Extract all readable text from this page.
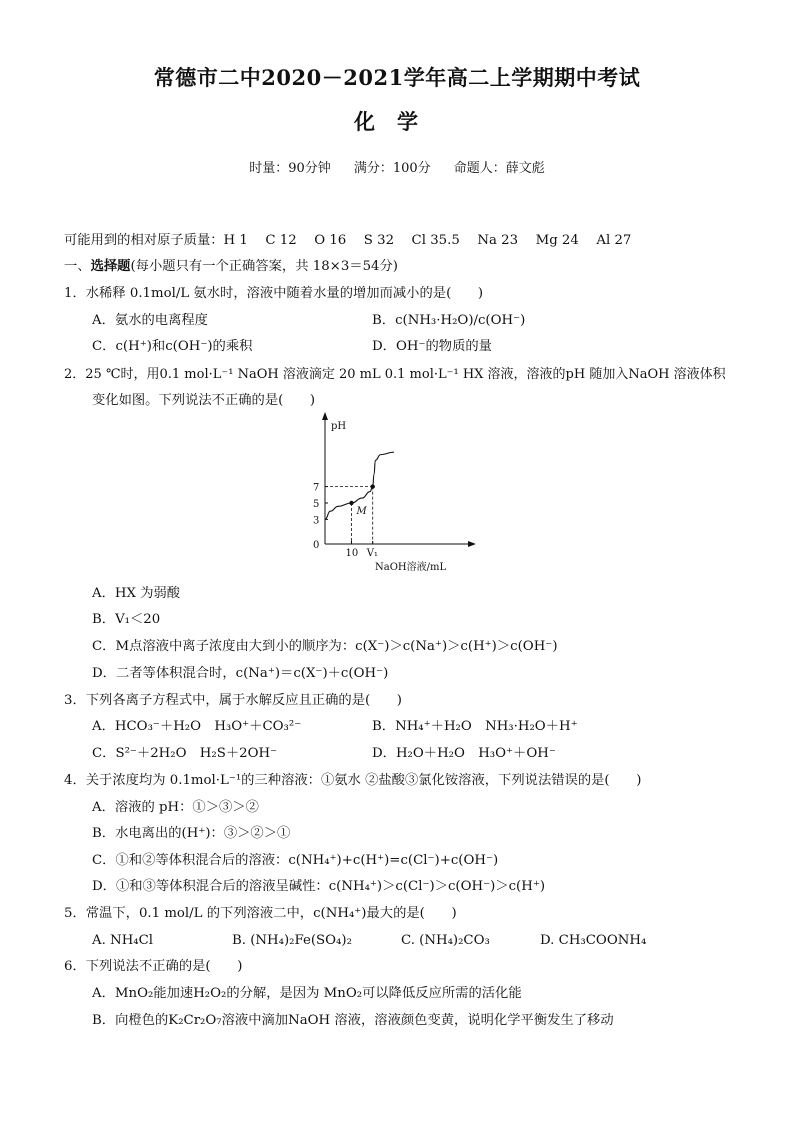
常德市二中2020－2021学年高二上学期期中考试
化学
时量：90分钟　 满分：100分　 命题人：薛文彪
可能用到的相对原子质量：H 1　 C 12　 O 16　 S 32　 Cl 35.5　 Na 23　 Mg 24　 Al 27
一、选择题(每小题只有一个正确答案，共 18×3＝54分)
1．水稀释 0.1mol/L 氨水时，溶液中随着水量的增加而减小的是(　　)
A．氨水的电离程度	B．c(NH₃·H₂O)/c(OH⁻)
C．c(H⁺)和c(OH⁻)的乘积	D．OH⁻的物质的量
2．25 ℃时，用0.1 mol·L⁻¹ NaOH 溶液滴定 20 mL 0.1 mol·L⁻¹ HX 溶液，溶液的pH 随加入NaOH 溶液体积
变化如图。下列说法不正确的是(　　)
pH
0
3
5
7
10 V₁
M
NaOH溶液/mL
A．HX 为弱酸
B．V₁＜20
C．M点溶液中离子浓度由大到小的顺序为：c(X⁻)＞c(Na⁺)＞c(H⁺)＞c(OH⁻)
D．二者等体积混合时，c(Na⁺)＝c(X⁻)＋c(OH⁻)
3．下列各离子方程式中，属于水解反应且正确的是(　　)
A．HCO₃⁻＋H₂O　H₃O⁺＋CO₃²⁻	B．NH₄⁺＋H₂O　NH₃·H₂O＋H⁺
C．S²⁻＋2H₂O　H₂S＋2OH⁻	D．H₂O＋H₂O　H₃O⁺＋OH⁻
4．关于浓度均为 0.1mol·L⁻¹的三种溶液：①氨水 ②盐酸③氯化铵溶液，下列说法错误的是(　　)
A．溶液的 pH：①＞③＞②
B．水电离出的(H⁺)：③＞②＞①
C．①和②等体积混合后的溶液：c(NH₄⁺)+c(H⁺)=c(Cl⁻)+c(OH⁻)
D．①和③等体积混合后的溶液呈碱性：c(NH₄⁺)＞c(Cl⁻)＞c(OH⁻)＞c(H⁺)
5．常温下，0.1 mol/L 的下列溶液二中，c(NH₄⁺)最大的是(　　)
A. NH₄Cl	B. (NH₄)₂Fe(SO₄)₂	C. (NH₄)₂CO₃	D. CH₃COONH₄
6．下列说法不正确的是(　　)
A．MnO₂能加速H₂O₂的分解，是因为 MnO₂可以降低反应所需的活化能
B．向橙色的K₂Cr₂O₇溶液中滴加NaOH 溶液，溶液颜色变黄，说明化学平衡发生了移动
